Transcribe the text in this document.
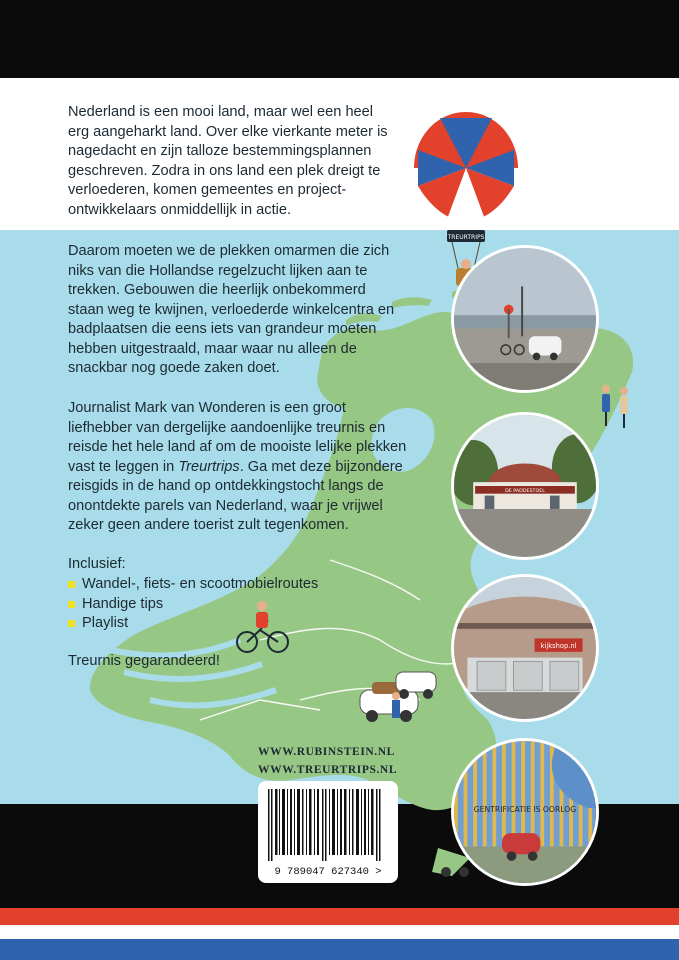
TREURTRIPS
Nederland is een mooi land, maar wel een heel erg aangeharkt land. Over elke vierkante meter is nagedacht en zijn talloze bestemmingsplannen geschreven. Zodra in ons land een plek dreigt te verloederen, komen gemeentes en projectontwikkelaars onmiddellijk in actie.
Daarom moeten we de plekken omarmen die zich niks van die Hollandse regelzucht lijken aan te trekken. Gebouwen die heerlijk onbekommerd staan weg te kwijnen, verloederde winkelcentra en badplaatsen die eens iets van grandeur moeten hebben uitgestraald, maar waar nu alleen de snackbar nog goede zaken doet.
Journalist Mark van Wonderen is een groot liefhebber van dergelijke aandoenlijke treurnis en reisde het hele land af om de mooiste lelijke plekken vast te leggen in Treurtrips. Ga met deze bijzondere reisgids in de hand op ontdekkingstocht langs de onontdekte parels van Nederland, waar je vrijwel zeker geen andere toerist zult tegenkomen.
Inclusief:
Wandel-, fiets- en scootmobielroutes
Handige tips
Playlist
Treurnis gegarandeerd!
WWW.RUBINSTEIN.NL
WWW.TREURTRIPS.NL
9 789047 627340 >
DE PADDESTOEL
kijkshop.nl
GENTRIFICATIE IS OORLOG
